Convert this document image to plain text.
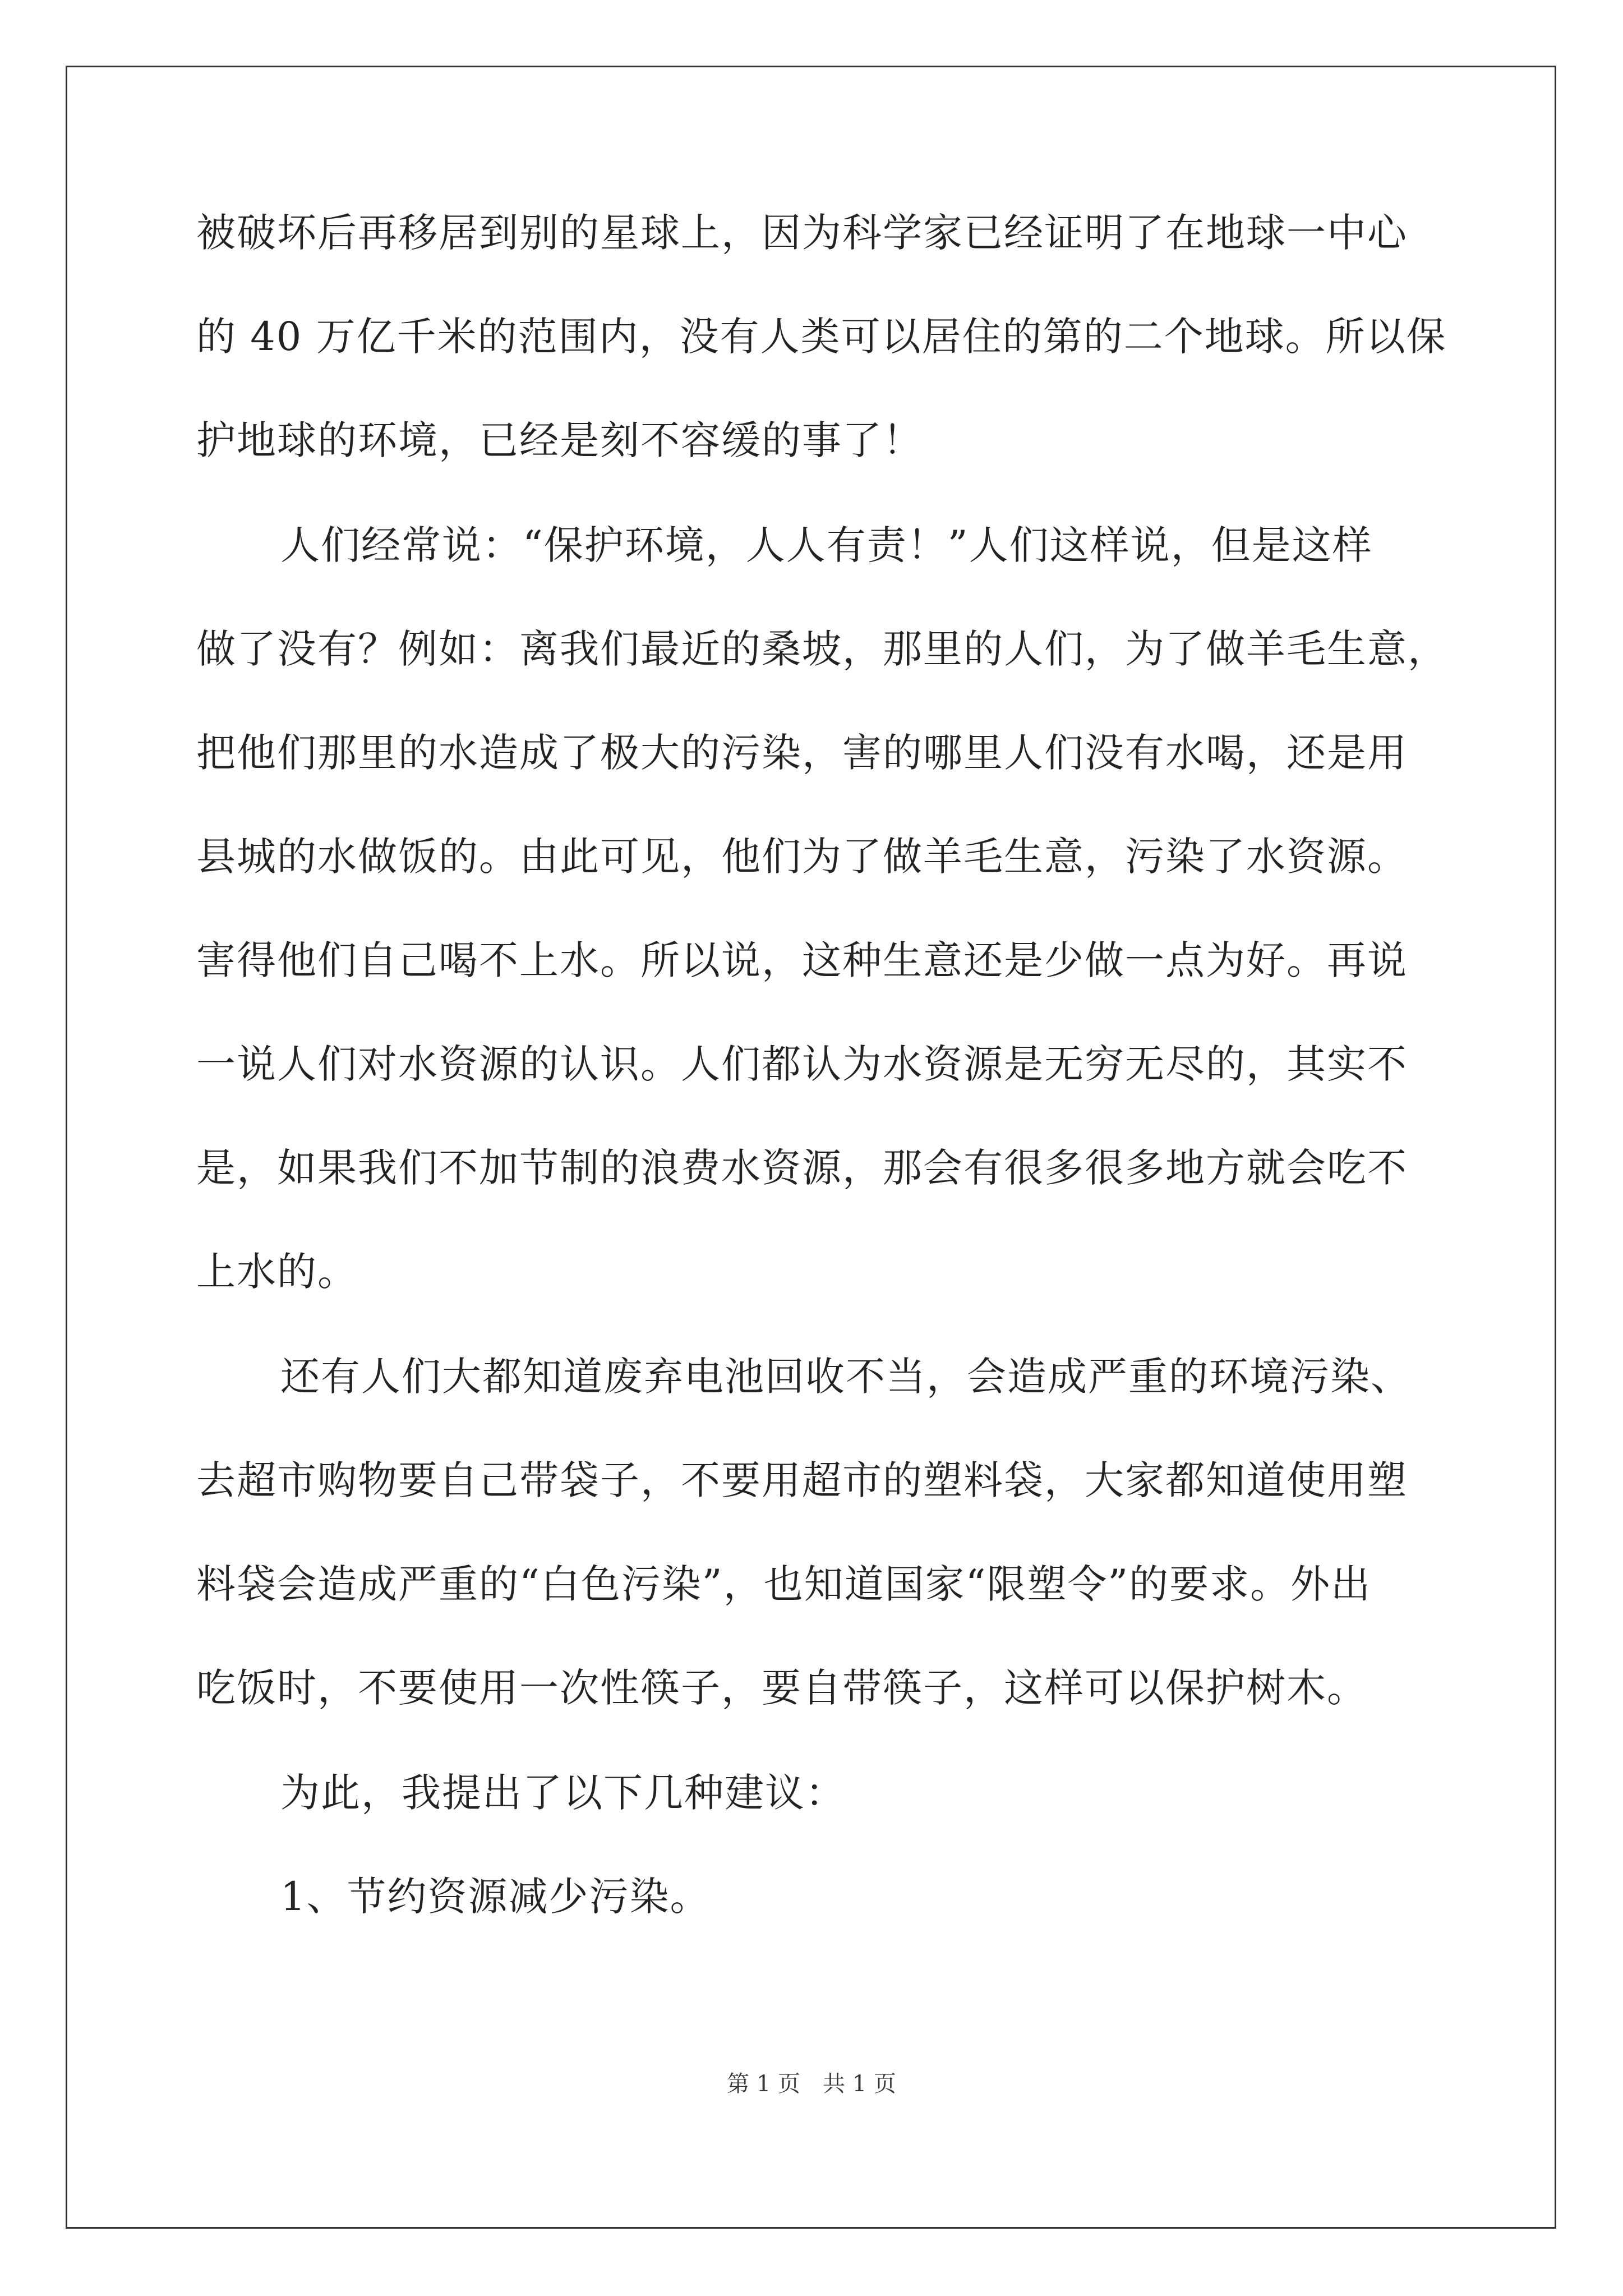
被破坏后再移居到别的星球上，因为科学家已经证明了在地球一中心
的 40 万亿千米的范围内，没有人类可以居住的第的二个地球。所以保
护地球的环境，已经是刻不容缓的事了！
人们经常说：“保护环境，人人有责！”人们这样说，但是这样
做了没有？例如：离我们最近的桑坡，那里的人们，为了做羊毛生意，
把他们那里的水造成了极大的污染，害的哪里人们没有水喝，还是用
县城的水做饭的。由此可见，他们为了做羊毛生意，污染了水资源。
害得他们自己喝不上水。所以说，这种生意还是少做一点为好。再说
一说人们对水资源的认识。人们都认为水资源是无穷无尽的，其实不
是，如果我们不加节制的浪费水资源，那会有很多很多地方就会吃不
上水的。
还有人们大都知道废弃电池回收不当，会造成严重的环境污染、
去超市购物要自己带袋子，不要用超市的塑料袋，大家都知道使用塑
料袋会造成严重的“白色污染”，也知道国家“限塑令”的要求。外出
吃饭时，不要使用一次性筷子，要自带筷子，这样可以保护树木。
为此，我提出了以下几种建议：
1、节约资源减少污染。
第 1 页　共 1 页
